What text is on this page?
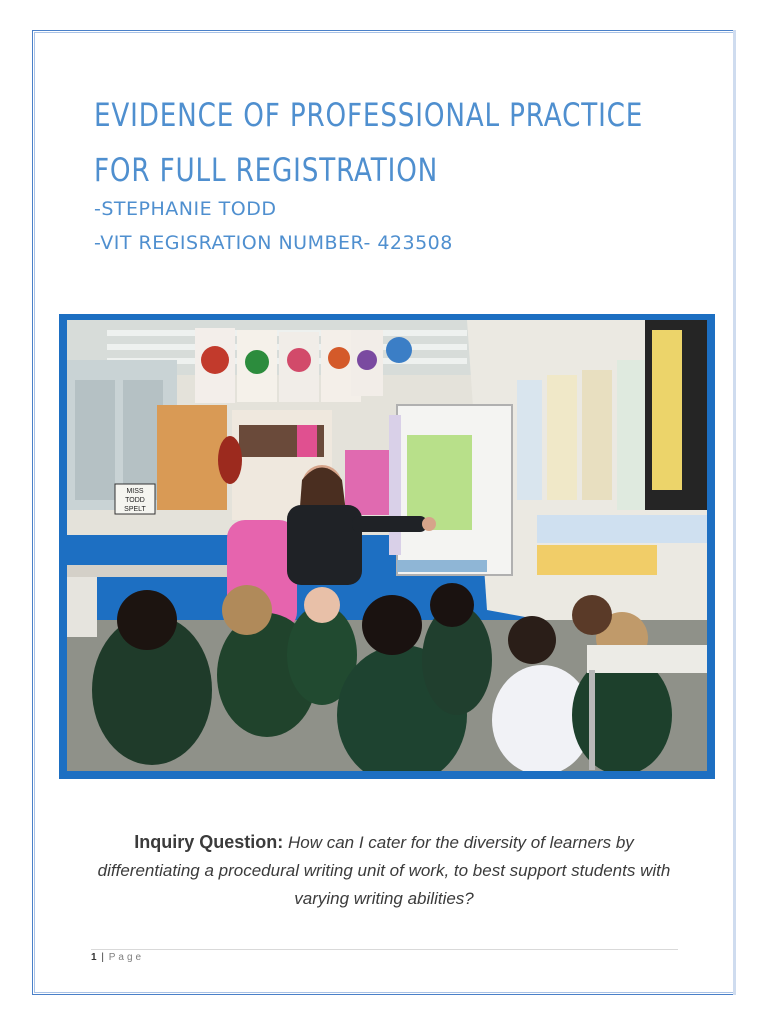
EVIDENCE OF PROFESSIONAL PRACTICE
FOR FULL REGISTRATION
-STEPHANIE TODD
-VIT REGISRATION NUMBER- 423508
MISS
TODD
SPELT
Inquiry Question: How can I cater for the diversity of learners by differentiating a procedural writing unit of work, to best support students with varying writing abilities?
1 | Page
